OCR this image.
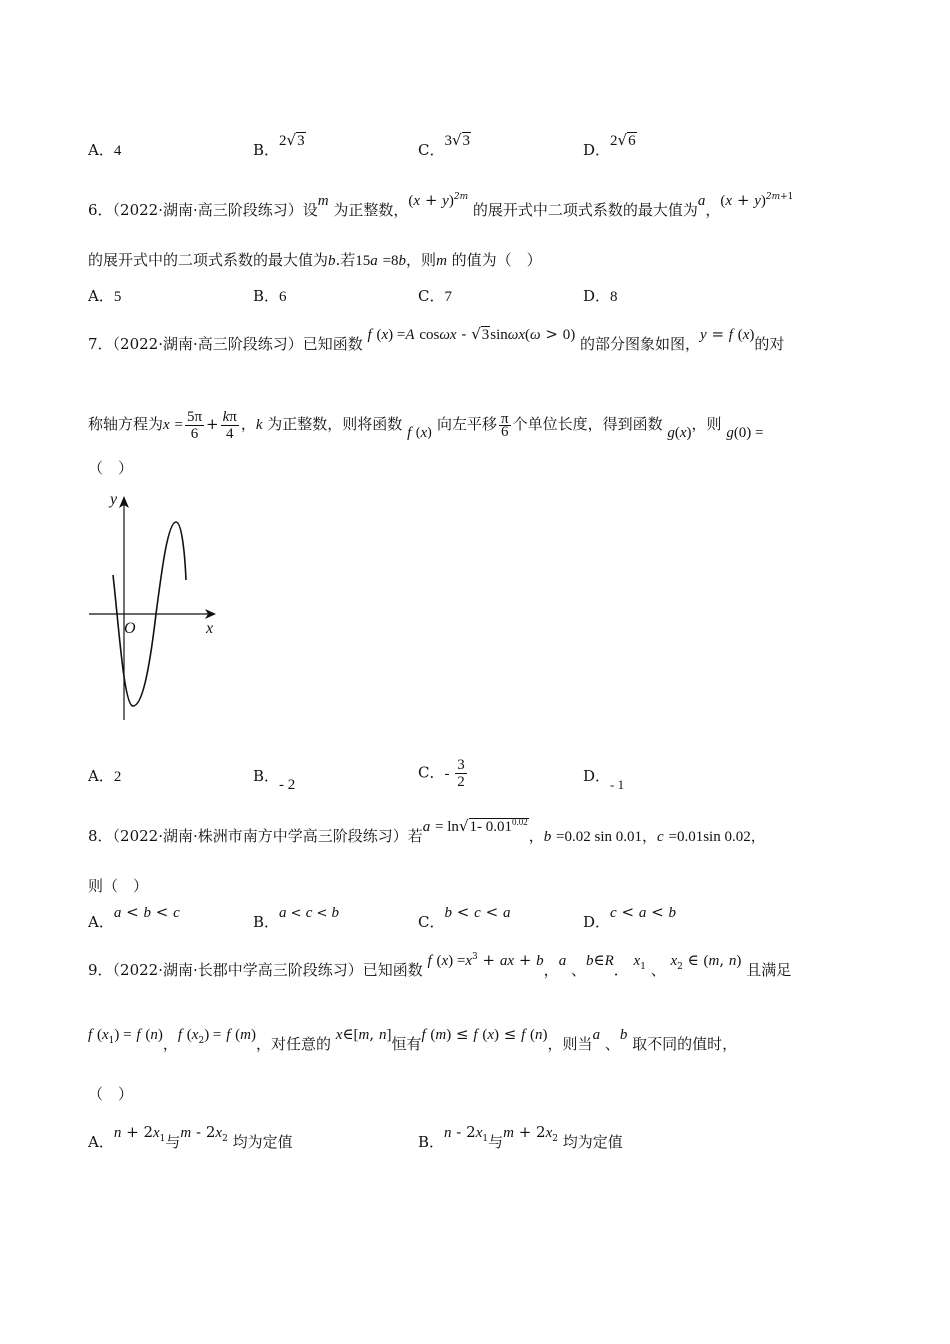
A．4	B．2√3	C．3√3	D．2√6
6．（2022·湖南·高三阶段练习）设m 为正整数，$(x + y)^{2m}$ 的展开式中二项式系数的最大值为a，$(x + y)^{2m+1}$
的展开式中的二项式系数的最大值为b.若15a =8b，则m 的值为（　）
A．5	B．6	C．7	D．8
7．（2022·湖南·高三阶段练习）已知函数 f (x) =A cosωx - √3sinωx(ω > 0) 的部分图象如图，y = f (x)的对
称轴方程为$x = \frac{5\pi}{6} + \frac{k\pi}{4}$ ，k 为正整数，则将函数 f (x) 向左平移 $\frac{\pi}{6}$ 个单位长度，得到函数 g(x)，则 g(0) =
（　）
y
x
O
A．2	B．- 2
C．- $\frac{3}{2}$	D．- 1
8．（2022·湖南·株洲市南方中学高三阶段练习）若a = ln√1- $0.01^{0.02}$，b =0.02 sin 0.01，c =0.01sin 0.02，
则（　）
A．a < b < c	B．a < c < b	C．b < c < a	D．c < a < b
9．（2022·湖南·长郡中学高三阶段练习）已知函数 f $(x) =x^3$ + ax + b，a 、b∈R． $x_1$ 、 $x_2$ ∈ (m, n) 且满足
f $(x_1) = f$ (n)，f $(x_2) = f$ (m)，对任意的 x∈[m, n]恒有f (m) ≤ f (x) ≤ f (n)，则当a 、b 取不同的值时，
（　）
A．$n + 2x_1$与m - $2x_2$ 均为定值	B．n - $2x_1$与$m + 2x_2$ 均为定值
